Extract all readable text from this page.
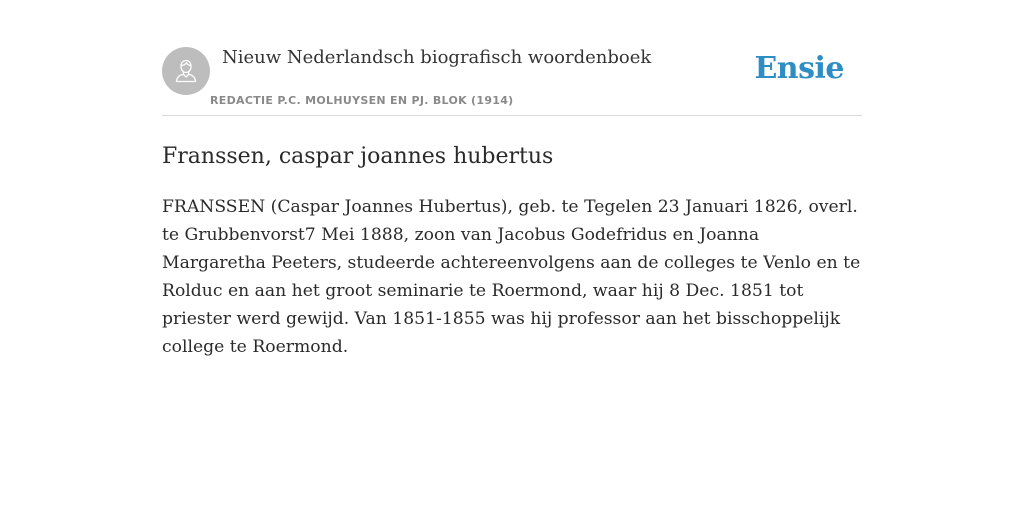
Nieuw Nederlandsch biografisch woordenboek
REDACTIE P.C. MOLHUYSEN EN PJ. BLOK (1914)
Ensie
Franssen, caspar joannes hubertus

FRANSSEN (Caspar Joannes Hubertus), geb. te Tegelen 23 Januari 1826, overl. te Grubbenvorst7 Mei 1888, zoon van Jacobus Godefridus en Joanna Margaretha Peeters, studeerde achtereenvolgens aan de colleges te Venlo en te Rolduc en aan het groot seminarie te Roermond, waar hij 8 Dec. 1851 tot priester werd gewijd. Van 1851-1855 was hij professor aan het bisschoppelijk college te Roermond.
